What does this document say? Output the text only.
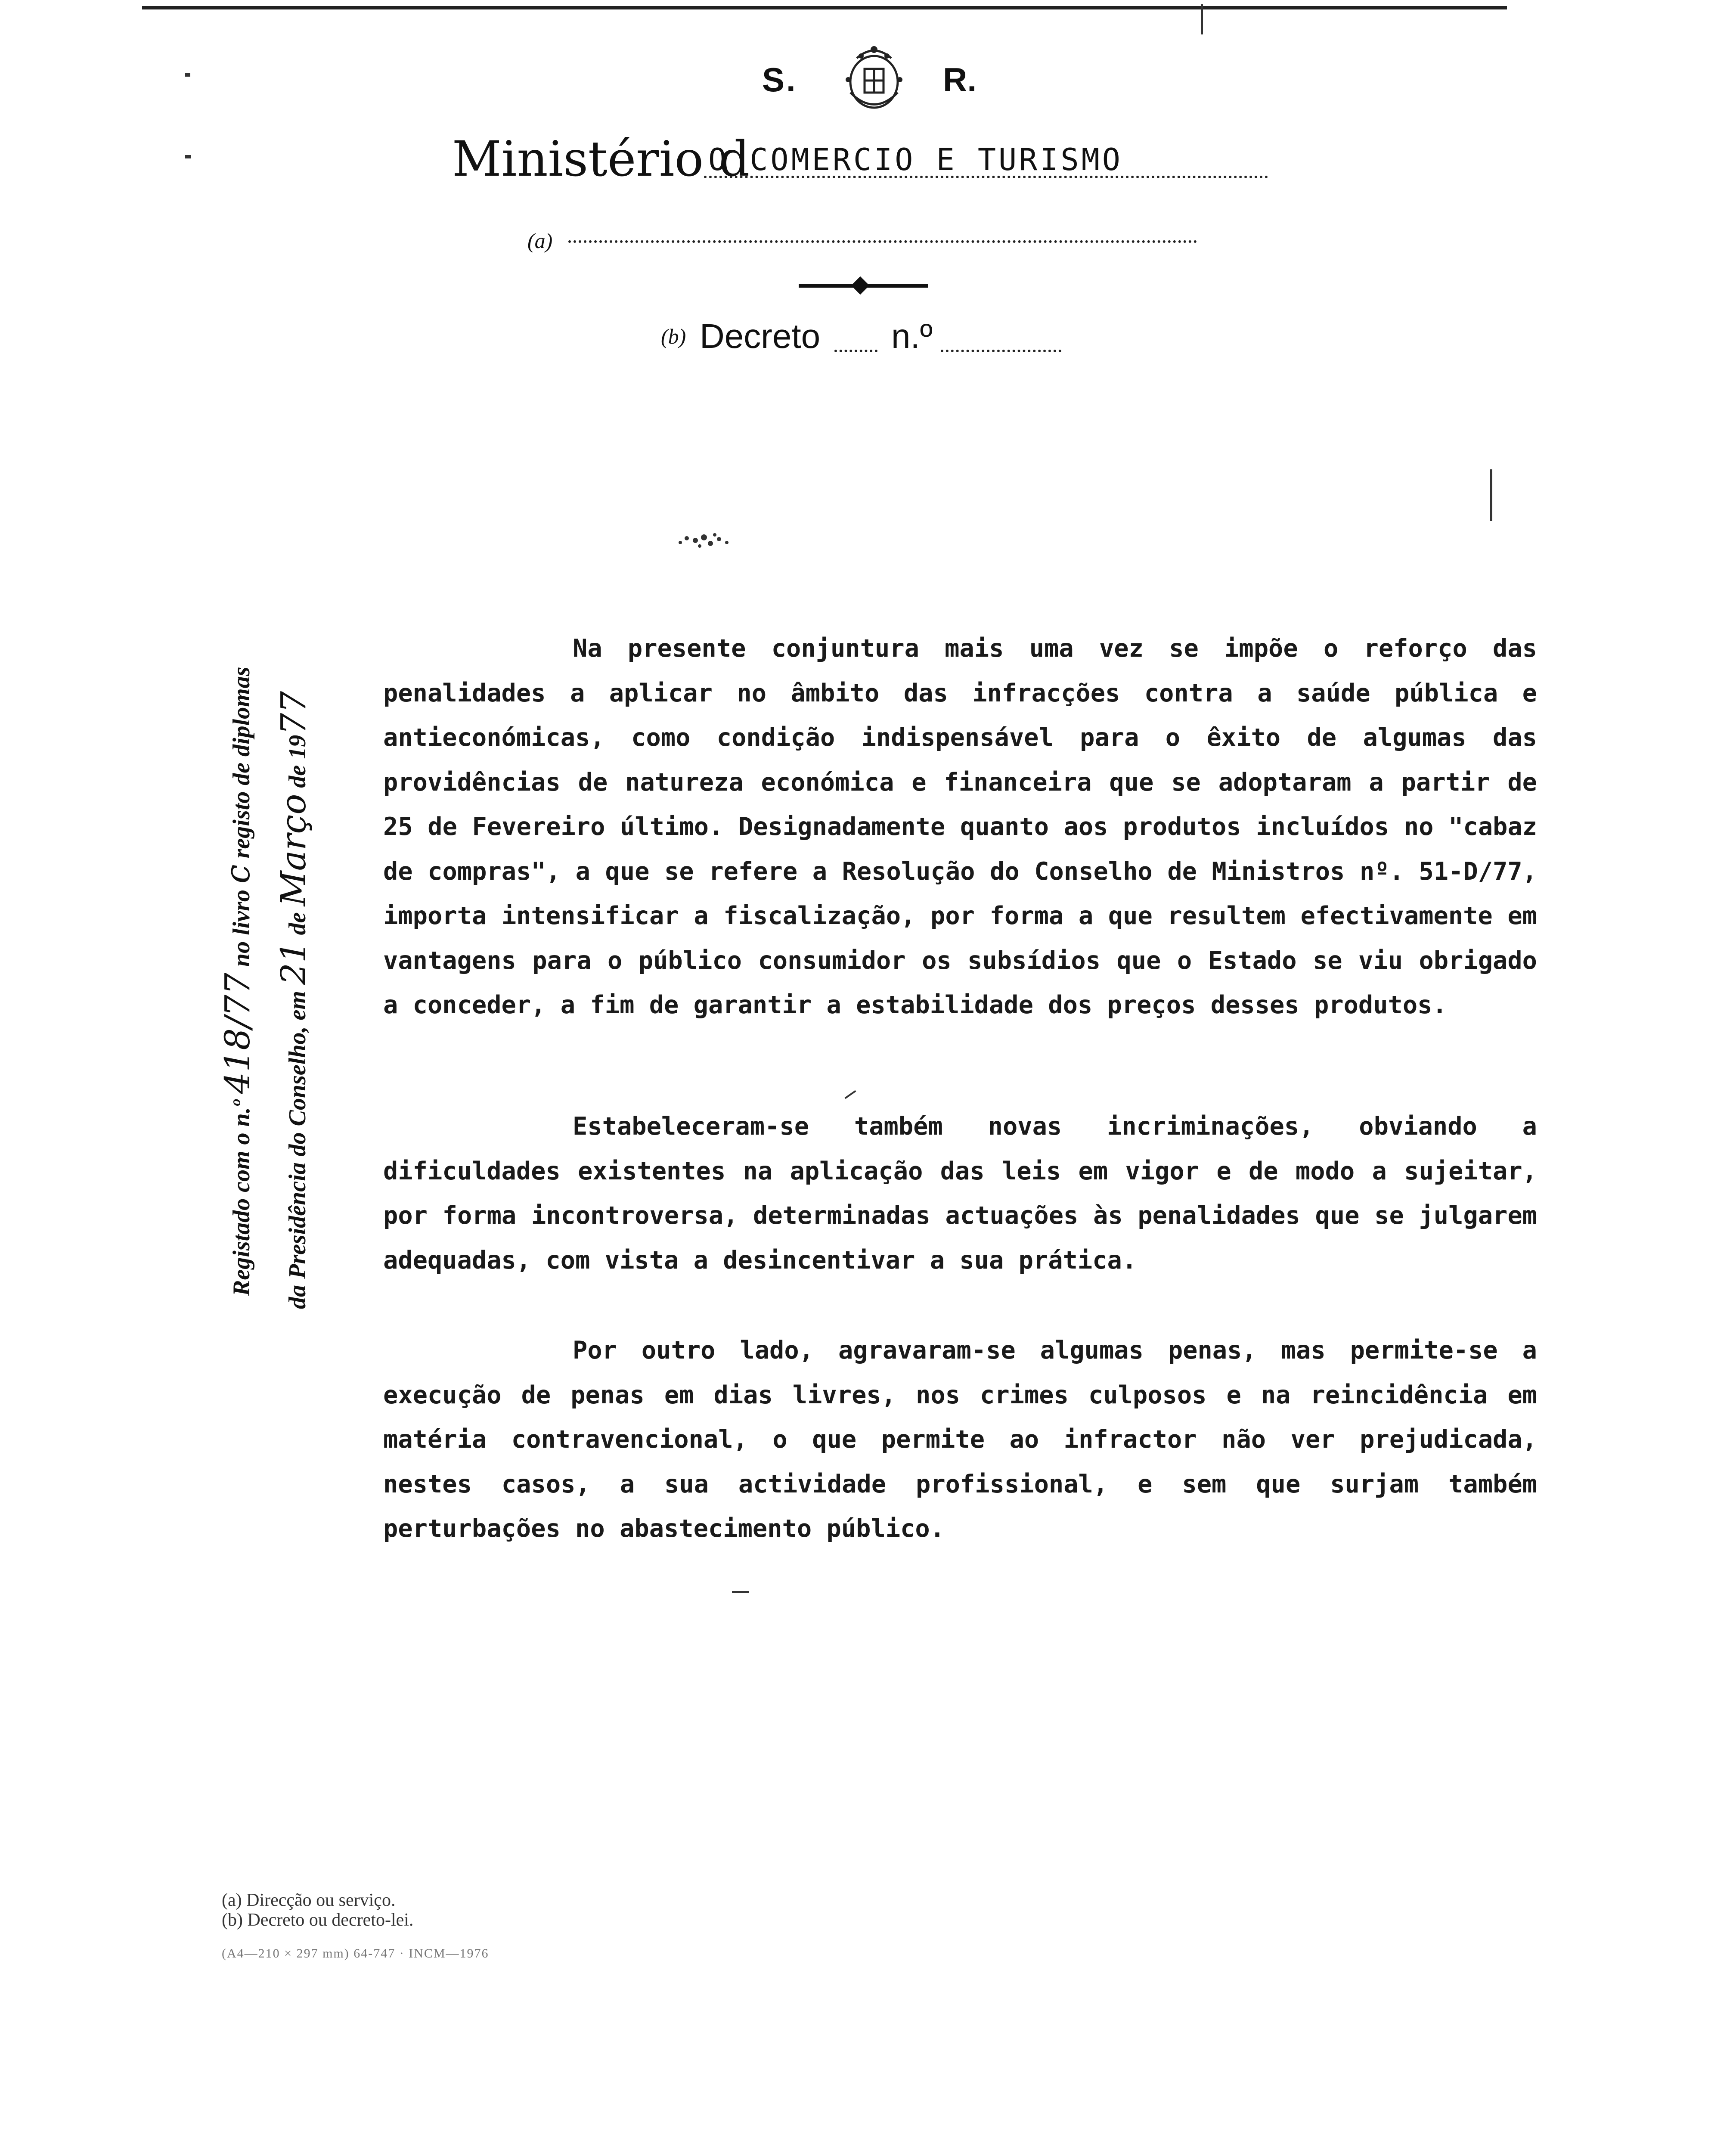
S.	R.
Ministério d
O COMERCIO E TURISMO
(a)
(b) Decreto n.º
Registado com o n.º 418/77 no livro c registo de diplomas
da Presidência do Conselho, em 21 de Março de 1977

Na presente conjuntura mais uma vez se impõe o reforço das penalidades a aplicar no âmbito das infracções contra a saúde pública e antieconómicas, como condição indispensável para o êxito de algumas das providências de natureza económica e financeira que se adoptaram a partir de 25 de Fevereiro último. Designadamente quanto aos produtos incluídos no "cabaz de compras", a que se refere a Resolução do Conselho de Ministros nº. 51-D/77, importa intensificar a fiscalização, por forma a que resultem efectivamente em vantagens para o público consumidor os subsídios que o Estado se viu obrigado a conceder, a fim de garantir a estabilidade dos preços desses produtos.

Estabeleceram-se também novas incriminações, obviando a dificuldades existentes na aplicação das leis em vigor e de modo a sujeitar, por forma incontroversa, determinadas actuações às penalidades que se julgarem adequadas, com vista a desincentivar a sua prática.

Por outro lado, agravaram-se algumas penas, mas permite-se a execução de penas em dias livres, nos crimes culposos e na reincidência em matéria contravencional, o que permite ao infractor não ver prejudicada, nestes casos, a sua actividade profissional, e sem que surjam também perturbações no abastecimento público.

(a) Direcção ou serviço.
(b) Decreto ou decreto-lei.
(A4—210 × 297 mm) 64-747 · INCM—1976
